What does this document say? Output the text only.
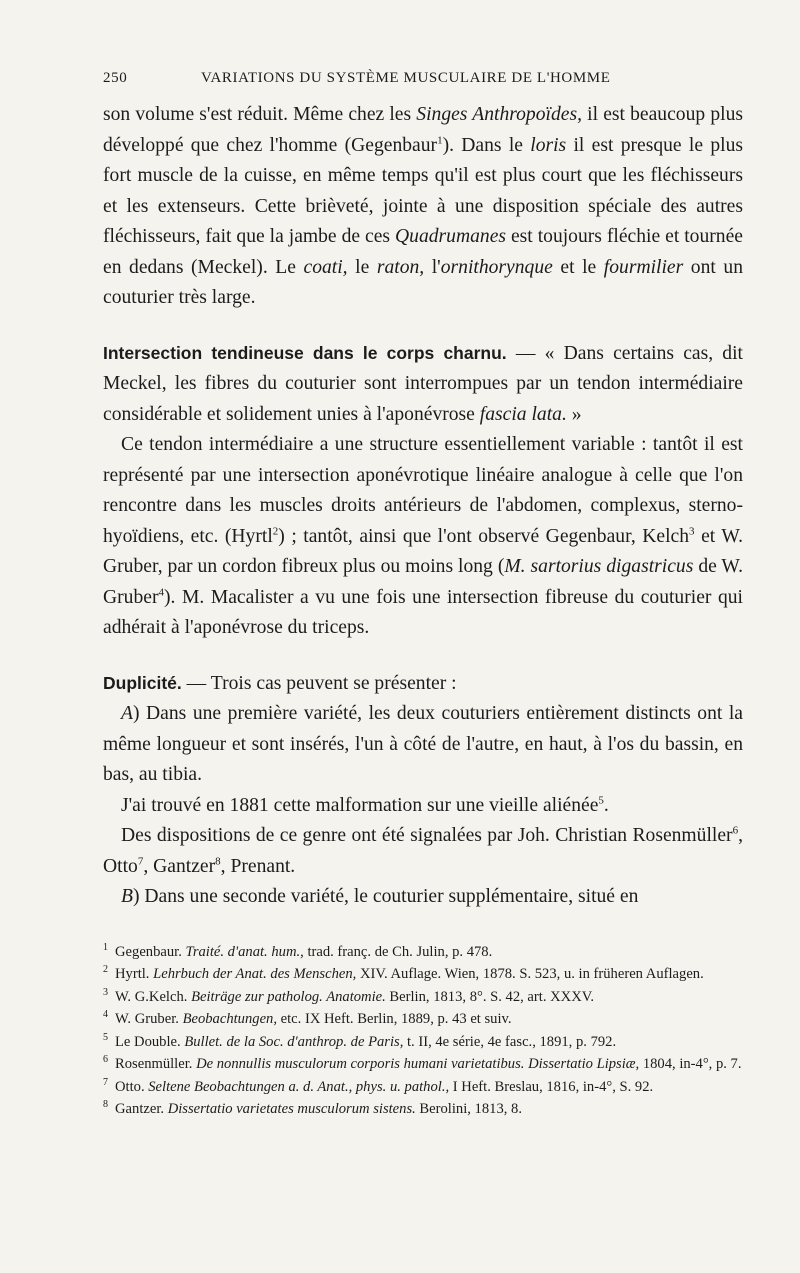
250	VARIATIONS DU SYSTÈME MUSCULAIRE DE L'HOMME

son volume s'est réduit. Même chez les Singes Anthropoïdes, il est beaucoup plus développé que chez l'homme (Gegenbaur$^1$). Dans le loris il est presque le plus fort muscle de la cuisse, en même temps qu'il est plus court que les fléchisseurs et les extenseurs. Cette brièveté, jointe à une disposition spéciale des autres fléchisseurs, fait que la jambe de ces Quadrumanes est toujours fléchie et tournée en dedans (Meckel). Le coati, le raton, l'ornithorynque et le fourmilier ont un couturier très large.

Intersection tendineuse dans le corps charnu. — « Dans certains cas, dit Meckel, les fibres du couturier sont interrompues par un tendon intermédiaire considérable et solidement unies à l'aponévrose fascia lata. »

Ce tendon intermédiaire a une structure essentiellement variable : tantôt il est représenté par une intersection aponévrotique linéaire analogue à celle que l'on rencontre dans les muscles droits antérieurs de l'abdomen, complexus, sterno-hyoïdiens, etc. (Hyrtl$^2$) ; tantôt, ainsi que l'ont observé Gegenbaur, Kelch$^3$ et W. Gruber, par un cordon fibreux plus ou moins long (M. sartorius digastricus de W. Gruber$^4$). M. Macalister a vu une fois une intersection fibreuse du couturier qui adhérait à l'aponévrose du triceps.

Duplicité. — Trois cas peuvent se présenter :

A) Dans une première variété, les deux couturiers entièrement distincts ont la même longueur et sont insérés, l'un à côté de l'autre, en haut, à l'os du bassin, en bas, au tibia.

J'ai trouvé en 1881 cette malformation sur une vieille aliénée$^5$.

Des dispositions de ce genre ont été signalées par Joh. Christian Rosenmüller$^6$, Otto$^7$, Gantzer$^8$, Prenant.

B) Dans une seconde variété, le couturier supplémentaire, situé en

1 Gegenbaur. Traité. d'anat. hum., trad. franç. de Ch. Julin, p. 478.

2 Hyrtl. Lehrbuch der Anat. des Menschen, XIV. Auflage. Wien, 1878. S. 523, u. in früheren Auflagen.

3 W. G.Kelch. Beiträge zur patholog. Anatomie. Berlin, 1813, 8°. S. 42, art. XXXV.

4 W. Gruber. Beobachtungen, etc. IX Heft. Berlin, 1889, p. 43 et suiv.

5 Le Double. Bullet. de la Soc. d'anthrop. de Paris, t. II, 4e série, 4e fasc., 1891, p. 792.

6 Rosenmüller. De nonnullis musculorum corporis humani varietatibus. Dissertatio Lipsiæ, 1804, in-4°, p. 7.

7 Otto. Seltene Beobachtungen a. d. Anat., phys. u. pathol., I Heft. Breslau, 1816, in-4°, S. 92.

8 Gantzer. Dissertatio varietates musculorum sistens. Berolini, 1813, 8.
